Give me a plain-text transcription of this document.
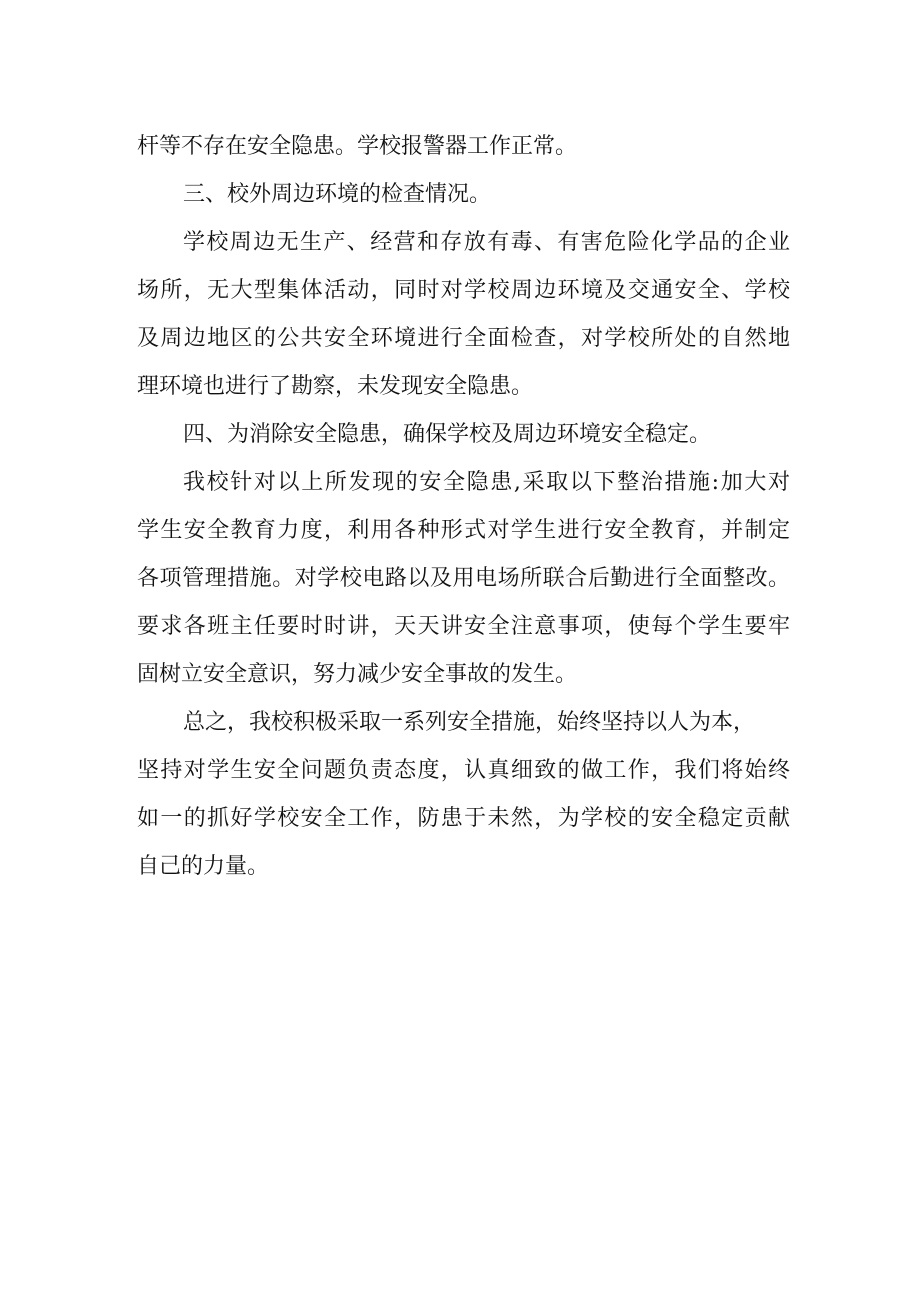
杆等不存在安全隐患。学校报警器工作正常。
三、校外周边环境的检查情况。
学校周边无生产、经营和存放有毒、有害危险化学品的企业
场所，无大型集体活动，同时对学校周边环境及交通安全、学校
及周边地区的公共安全环境进行全面检查，对学校所处的自然地
理环境也进行了勘察，未发现安全隐患。
四、为消除安全隐患，确保学校及周边环境安全稳定。
我校针对以上所发现的安全隐患,采取以下整治措施:加大对
学生安全教育力度，利用各种形式对学生进行安全教育，并制定
各项管理措施。对学校电路以及用电场所联合后勤进行全面整改。
要求各班主任要时时讲，天天讲安全注意事项，使每个学生要牢
固树立安全意识，努力减少安全事故的发生。
总之，我校积极采取一系列安全措施，始终坚持以人为本，
坚持对学生安全问题负责态度，认真细致的做工作，我们将始终
如一的抓好学校安全工作，防患于未然，为学校的安全稳定贡献
自己的力量。
